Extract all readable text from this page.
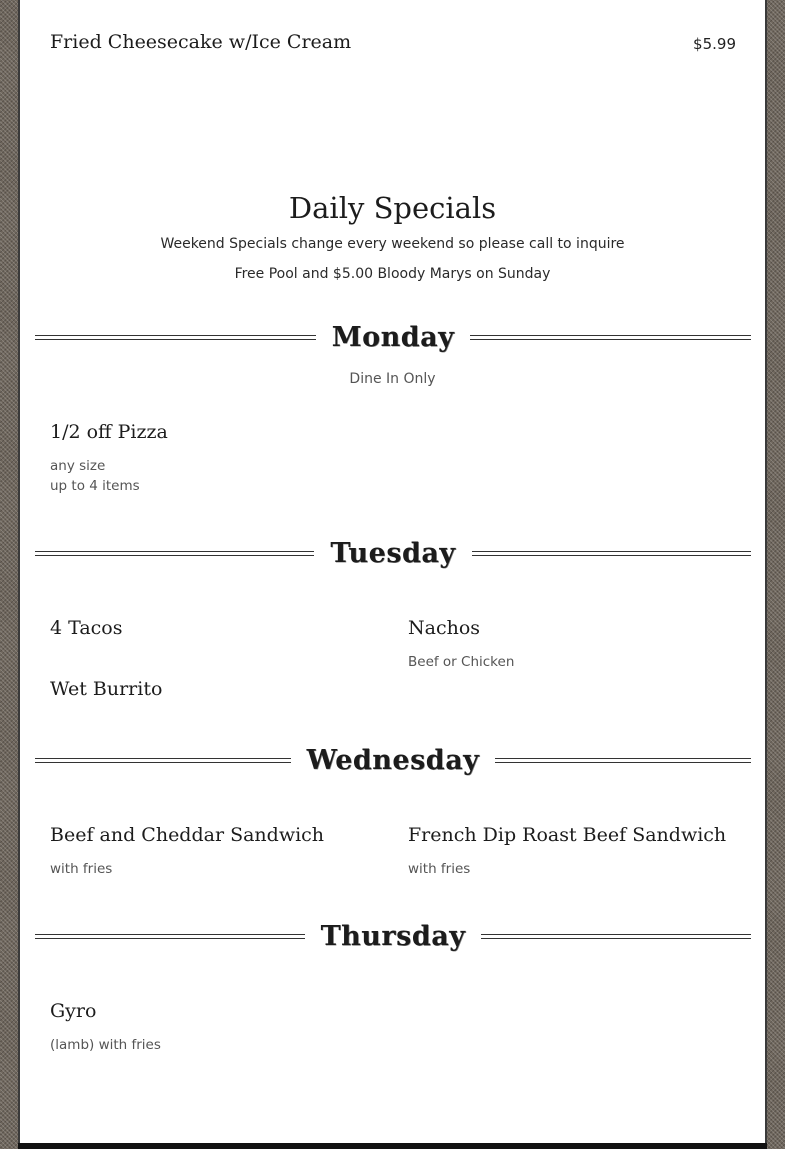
Fried Cheesecake w/Ice Cream	$5.99
Daily Specials
Weekend Specials change every weekend so please call to inquire
Free Pool and $5.00 Bloody Marys on Sunday
Monday
Dine In Only
1/2 off Pizza
any size
up to 4 items
Tuesday
4 Tacos	Nachos
Beef or Chicken
Wet Burrito
Wednesday
Beef and Cheddar Sandwich
with fries
French Dip Roast Beef Sandwich
with fries
Thursday
Gyro
(lamb) with fries
